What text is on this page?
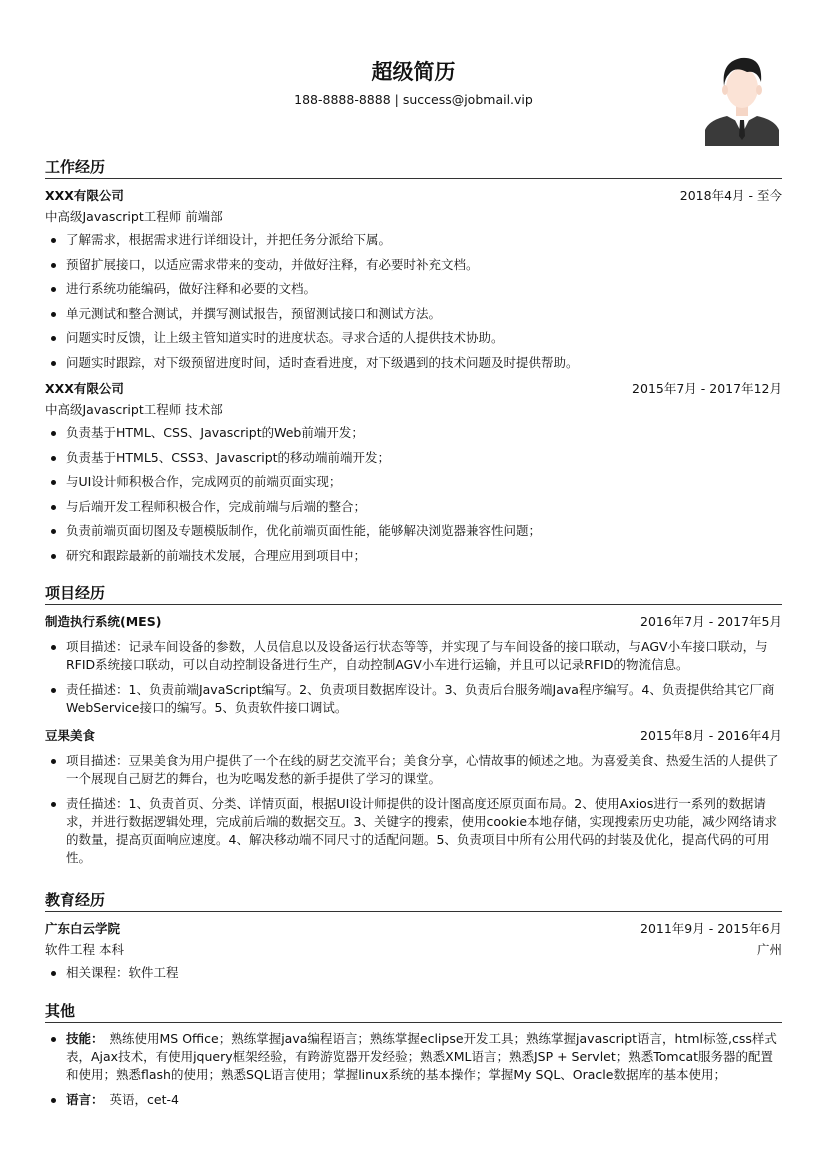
超级简历
188-8888-8888 | success@jobmail.vip
工作经历
XXX有限公司	2018年4月 - 至今
中高级Javascript工程师 前端部
了解需求，根据需求进行详细设计，并把任务分派给下属。
预留扩展接口，以适应需求带来的变动，并做好注释，有必要时补充文档。
进行系统功能编码，做好注释和必要的文档。
单元测试和整合测试，并撰写测试报告，预留测试接口和测试方法。
问题实时反馈，让上级主管知道实时的进度状态。寻求合适的人提供技术协助。
问题实时跟踪，对下级预留进度时间，适时查看进度，对下级遇到的技术问题及时提供帮助。
XXX有限公司	2015年7月 - 2017年12月
中高级Javascript工程师 技术部
负责基于HTML、CSS、Javascript的Web前端开发；
负责基于HTML5、CSS3、Javascript的移动端前端开发；
与UI设计师积极合作，完成网页的前端页面实现；
与后端开发工程师积极合作，完成前端与后端的整合；
负责前端页面切图及专题模版制作，优化前端页面性能，能够解决浏览器兼容性问题；
研究和跟踪最新的前端技术发展，合理应用到项目中；
项目经历
制造执行系统(MES)	2016年7月 - 2017年5月
项目描述：记录车间设备的参数，人员信息以及设备运行状态等等，并实现了与车间设备的接口联动，与AGV小车接口联动，与RFID系统接口联动，可以自动控制设备进行生产，自动控制AGV小车进行运输，并且可以记录RFID的物流信息。
责任描述：1、负责前端JavaScript编写。2、负责项目数据库设计。3、负责后台服务端Java程序编写。4、负责提供给其它厂商WebService接口的编写。5、负责软件接口调试。
豆果美食	2015年8月 - 2016年4月
项目描述：豆果美食为用户提供了一个在线的厨艺交流平台；美食分享，心情故事的倾述之地。为喜爱美食、热爱生活的人提供了一个展现自己厨艺的舞台，也为吃喝发愁的新手提供了学习的课堂。
责任描述：1、负责首页、分类、详情页面，根据UI设计师提供的设计图高度还原页面布局。2、使用Axios进行一系列的数据请求，并进行数据逻辑处理，完成前后端的数据交互。3、关键字的搜索，使用cookie本地存储，实现搜索历史功能，减少网络请求的数量，提高页面响应速度。4、解决移动端不同尺寸的适配问题。5、负责项目中所有公用代码的封装及优化，提高代码的可用性。
教育经历
广东白云学院	2011年9月 - 2015年6月
软件工程 本科	广州
相关课程：软件工程
其他
技能： 熟练使用MS Office；熟练掌握java编程语言；熟练掌握eclipse开发工具；熟练掌握javascript语言，html标签,css样式表，Ajax技术，有使用jquery框架经验，有跨游览器开发经验；熟悉XML语言；熟悉JSP + Servlet；熟悉Tomcat服务器的配置和使用；熟悉flash的使用；熟悉SQL语言使用；掌握linux系统的基本操作；掌握My SQL、Oracle数据库的基本使用；
语言： 英语，cet-4
